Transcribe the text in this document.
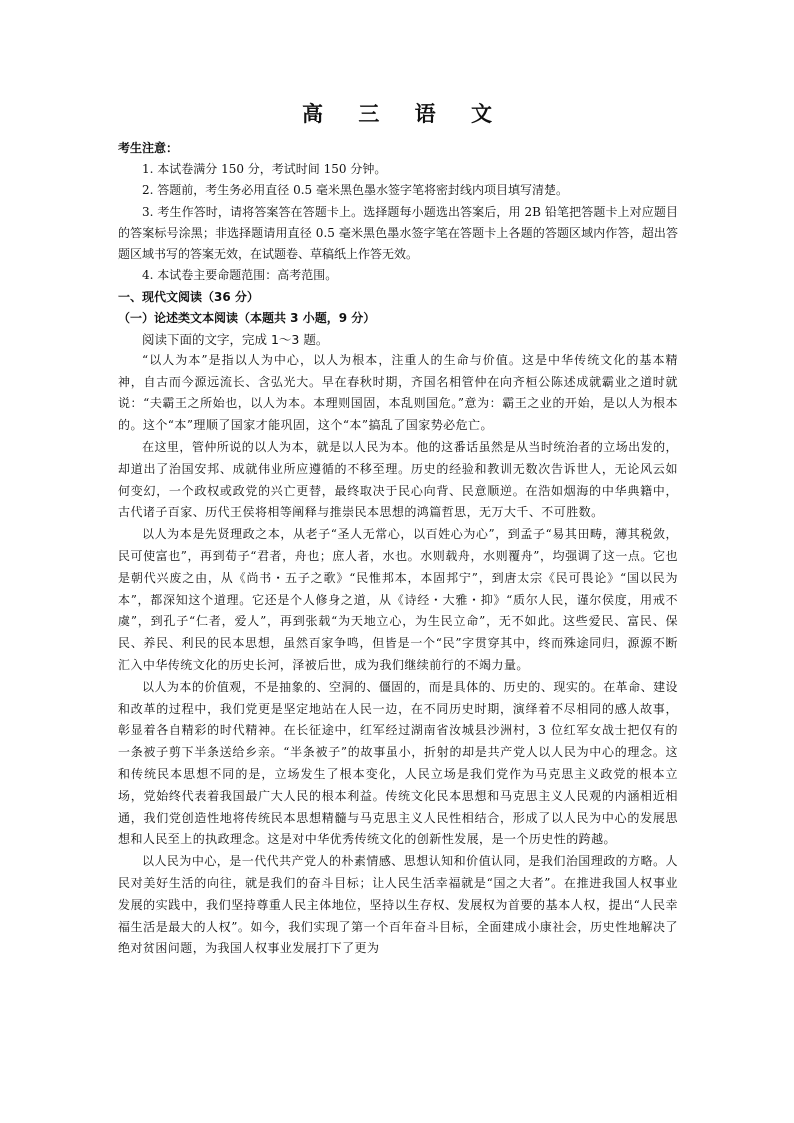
高 三 语 文

考生注意：

1. 本试卷满分 150 分，考试时间 150 分钟。

2. 答题前，考生务必用直径 0.5 毫米黑色墨水签字笔将密封线内项目填写清楚。

3. 考生作答时，请将答案答在答题卡上。选择题每小题选出答案后，用 2B 铅笔把答题卡上对应题目的答案标号涂黑；非选择题请用直径 0.5 毫米黑色墨水签字笔在答题卡上各题的答题区域内作答，超出答题区域书写的答案无效，在试题卷、草稿纸上作答无效。

4. 本试卷主要命题范围：高考范围。

一、现代文阅读（36 分）

（一）论述类文本阅读（本题共 3 小题，9 分）

阅读下面的文字，完成 1～3 题。

“以人为本”是指以人为中心，以人为根本，注重人的生命与价值。这是中华传统文化的基本精神，自古而今源远流长、含弘光大。早在春秋时期，齐国名相管仲在向齐桓公陈述成就霸业之道时就说：“夫霸王之所始也，以人为本。本理则国固，本乱则国危。”意为：霸王之业的开始，是以人为根本的。这个“本”理顺了国家才能巩固，这个“本”搞乱了国家势必危亡。

在这里，管仲所说的以人为本，就是以人民为本。他的这番话虽然是从当时统治者的立场出发的，却道出了治国安邦、成就伟业所应遵循的不移至理。历史的经验和教训无数次告诉世人，无论风云如何变幻，一个政权或政党的兴亡更替，最终取决于民心向背、民意顺逆。在浩如烟海的中华典籍中，古代诸子百家、历代王侯将相等阐释与推崇民本思想的鸿篇哲思，无万大千、不可胜数。

以人为本是先贤理政之本，从老子“圣人无常心，以百姓心为心”，到孟子“易其田畴，薄其税敛，民可使富也”，再到荀子“君者，舟也；庶人者，水也。水则载舟，水则覆舟”，均强调了这一点。它也是朝代兴废之由，从《尚书・五子之歌》“民惟邦本，本固邦宁”，到唐太宗《民可畏论》“国以民为本”，都深知这个道理。它还是个人修身之道，从《诗经・大雅・抑》“质尔人民，谨尔侯度，用戒不虞”，到孔子“仁者，爱人”，再到张载“为天地立心，为生民立命”，无不如此。这些爱民、富民、保民、养民、利民的民本思想，虽然百家争鸣，但皆是一个“民”字贯穿其中，终而殊途同归，源源不断汇入中华传统文化的历史长河，泽被后世，成为我们继续前行的不竭力量。

以人为本的价值观，不是抽象的、空洞的、僵固的，而是具体的、历史的、现实的。在革命、建设和改革的过程中，我们党更是坚定地站在人民一边，在不同历史时期，演绎着不尽相同的感人故事，彰显着各自精彩的时代精神。在长征途中，红军经过湖南省汝城县沙洲村，3 位红军女战士把仅有的一条被子剪下半条送给乡亲。“半条被子”的故事虽小，折射的却是共产党人以人民为中心的理念。这和传统民本思想不同的是，立场发生了根本变化，人民立场是我们党作为马克思主义政党的根本立场，党始终代表着我国最广大人民的根本利益。传统文化民本思想和马克思主义人民观的内涵相近相通，我们党创造性地将传统民本思想精髓与马克思主义人民性相结合，形成了以人民为中心的发展思想和人民至上的执政理念。这是对中华优秀传统文化的创新性发展，是一个历史性的跨越。

以人民为中心，是一代代共产党人的朴素情感、思想认知和价值认同，是我们治国理政的方略。人民对美好生活的向往，就是我们的奋斗目标；让人民生活幸福就是“国之大者”。在推进我国人权事业发展的实践中，我们坚持尊重人民主体地位，坚持以生存权、发展权为首要的基本人权，提出“人民幸福生活是最大的人权”。如今，我们实现了第一个百年奋斗目标，全面建成小康社会，历史性地解决了绝对贫困问题，为我国人权事业发展打下了更为
